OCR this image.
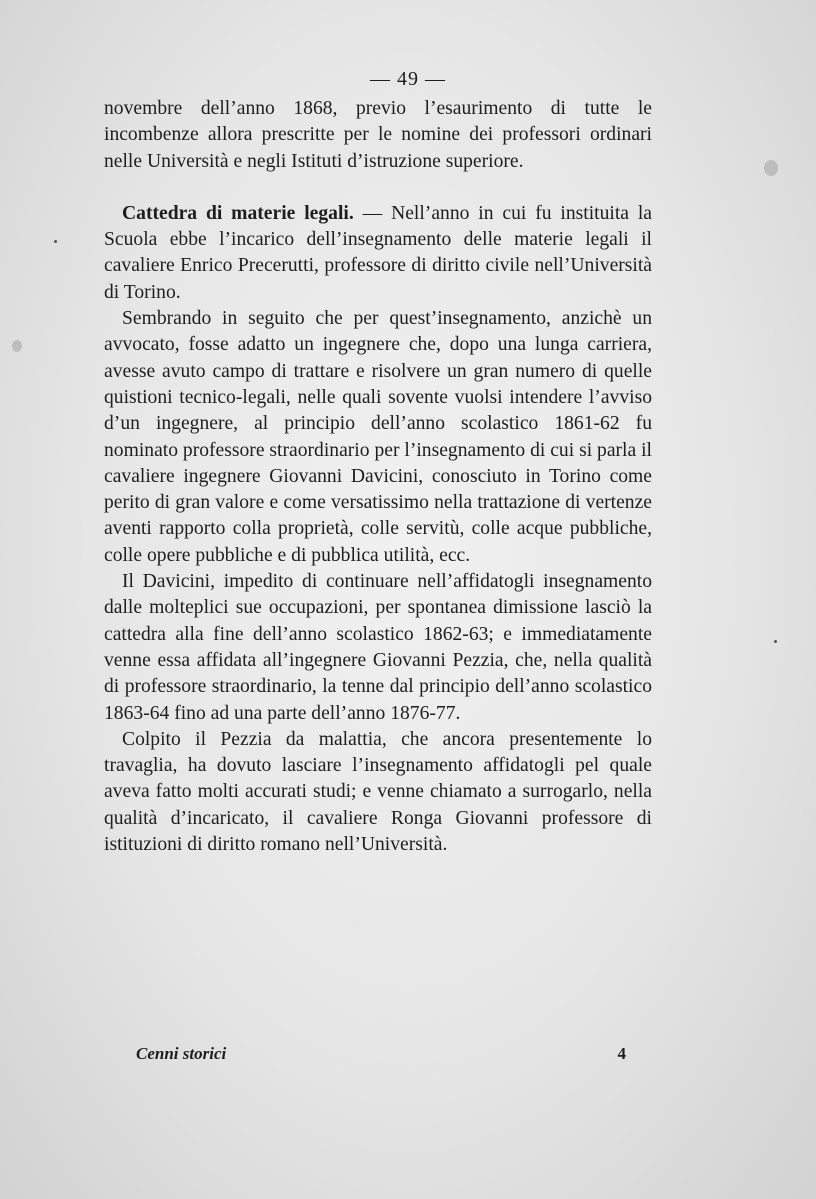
— 49 —

novembre dell’anno 1868, previo l’esaurimento di tutte le incombenze allora prescritte per le nomine dei professori ordinari nelle Università e negli Istituti d’istruzione superiore.

Cattedra di materie legali. — Nell’anno in cui fu instituita la Scuola ebbe l’incarico dell’insegnamento delle materie legali il cavaliere Enrico Precerutti, professore di diritto civile nell’Università di Torino.

Sembrando in seguito che per quest’insegnamento, anzichè un avvocato, fosse adatto un ingegnere che, dopo una lunga carriera, avesse avuto campo di trattare e risolvere un gran numero di quelle quistioni tecnico-legali, nelle quali sovente vuolsi intendere l’avviso d’un ingegnere, al principio dell’anno scolastico 1861-62 fu nominato professore straordinario per l’insegnamento di cui si parla il cavaliere ingegnere Giovanni Davicini, conosciuto in Torino come perito di gran valore e come versatissimo nella trattazione di vertenze aventi rapporto colla proprietà, colle servitù, colle acque pubbliche, colle opere pubbliche e di pubblica utilità, ecc.

Il Davicini, impedito di continuare nell’affidatogli insegnamento dalle molteplici sue occupazioni, per spontanea dimissione lasciò la cattedra alla fine dell’anno scolastico 1862-63; e immediatamente venne essa affidata all’ingegnere Giovanni Pezzia, che, nella qualità di professore straordinario, la tenne dal principio dell’anno scolastico 1863-64 fino ad una parte dell’anno 1876-77.

Colpito il Pezzia da malattia, che ancora presentemente lo travaglia, ha dovuto lasciare l’insegnamento affidatogli pel quale aveva fatto molti accurati studi; e venne chiamato a surrogarlo, nella qualità d’incaricato, il cavaliere Ronga Giovanni professore di istituzioni di diritto romano nell’Università.

Cenni storici	4
